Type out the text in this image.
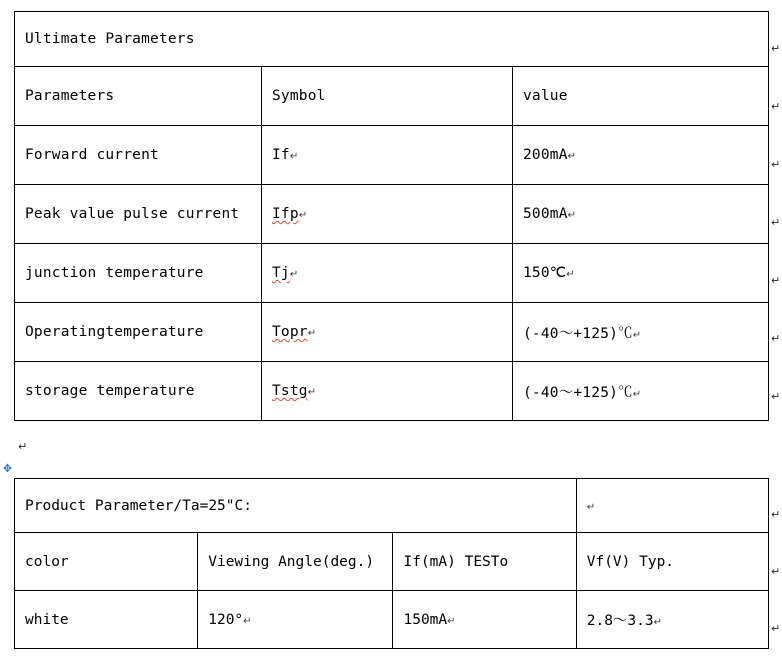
Ultimate Parameters		
Parameters	Symbol	value
Forward current	If↵	200mA↵
Peak value pulse current	Ifp↵	500mA↵
junction temperature	Tj↵	150℃↵
Operatingtemperature	Topr↵	(-40～+125)℃↵
storage temperature	Tstg↵	(-40～+125)℃↵
↵
↵
↵
↵
↵
↵
↵
↵
✥
Product Parameter/Ta=25"C:			↵
color	Viewing Angle(deg.)	If(mA) TESTo	Vf(V) Typ.
white	120°↵	150mA↵	2.8～3.3↵
↵
↵
↵
